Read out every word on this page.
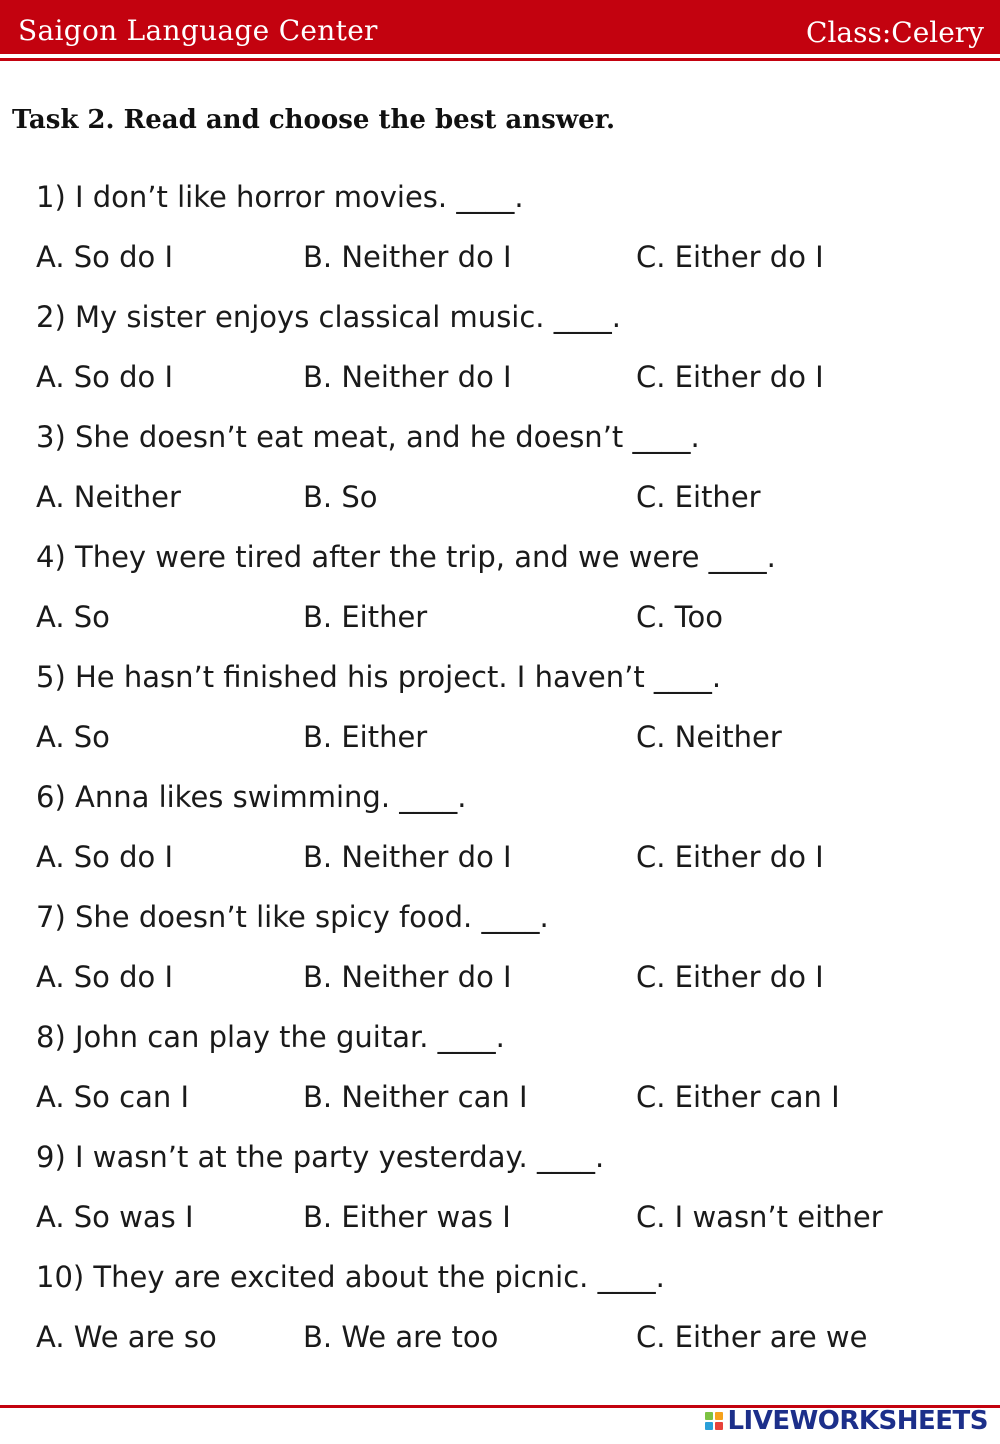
Saigon Language Center	Class:Celery
Task 2. Read and choose the best answer.
1) I don’t like horror movies. ____.
A. So do I	B. Neither do I	C. Either do I
2) My sister enjoys classical music. ____.
A. So do I	B. Neither do I	C. Either do I
3) She doesn’t eat meat, and he doesn’t ____.
A. Neither	B. So	C. Either
4) They were tired after the trip, and we were ____.
A. So	B. Either	C. Too
5) He hasn’t finished his project. I haven’t ____.
A. So	B. Either	C. Neither
6) Anna likes swimming. ____.
A. So do I	B. Neither do I	C. Either do I
7) She doesn’t like spicy food. ____.
A. So do I	B. Neither do I	C. Either do I
8) John can play the guitar. ____.
A. So can I	B. Neither can I	C. Either can I
9) I wasn’t at the party yesterday. ____.
A. So was I	B. Either was I	C. I wasn’t either
10) They are excited about the picnic. ____.
A. We are so	B. We are too	C. Either are we
LIVEWORKSHEETS
